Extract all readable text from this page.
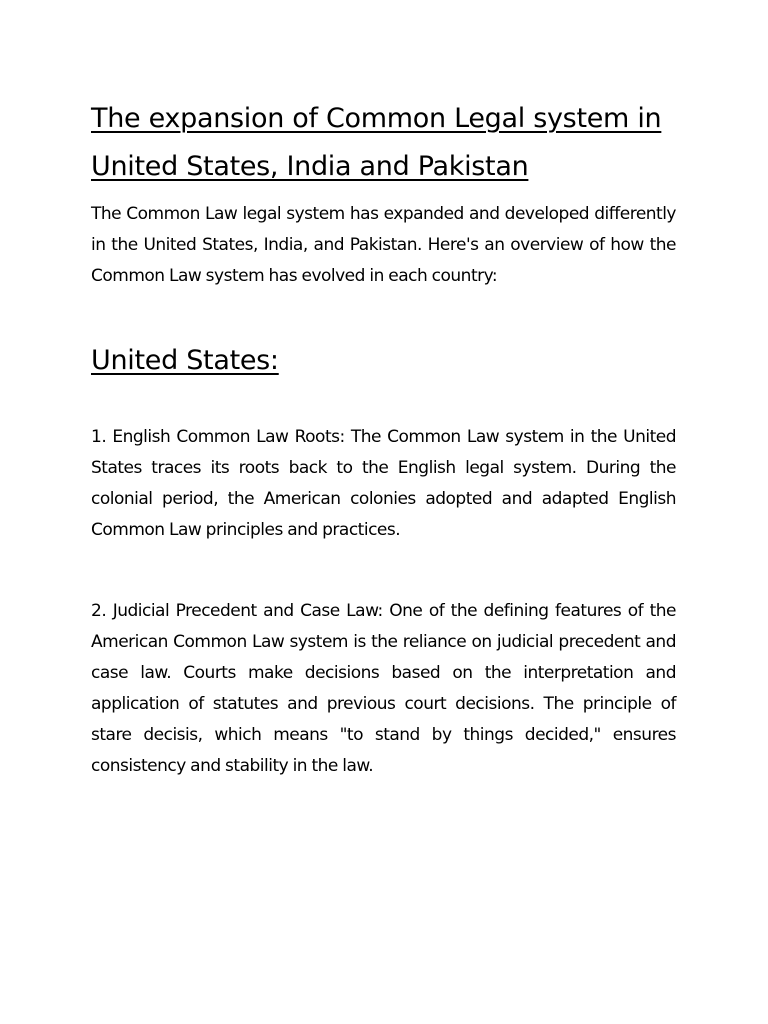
The expansion of Common Legal system in United States, India and Pakistan

The Common Law legal system has expanded and developed differently in the United States, India, and Pakistan. Here's an overview of how the Common Law system has evolved in each country:

United States:

1. English Common Law Roots: The Common Law system in the United States traces its roots back to the English legal system. During the colonial period, the American colonies adopted and adapted English Common Law principles and practices.

2. Judicial Precedent and Case Law: One of the defining features of the American Common Law system is the reliance on judicial precedent and case law. Courts make decisions based on the interpretation and application of statutes and previous court decisions. The principle of stare decisis, which means "to stand by things decided," ensures consistency and stability in the law.
